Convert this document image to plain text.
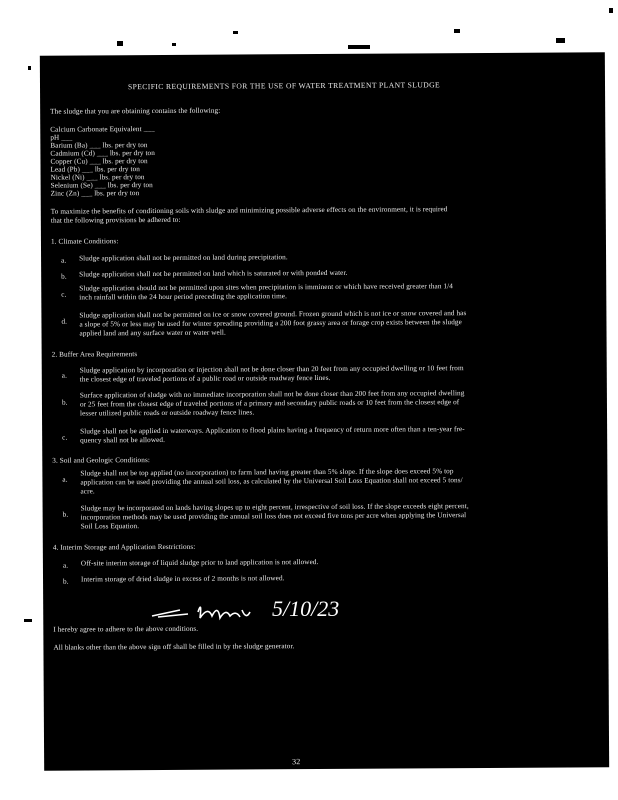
SPECIFIC REQUIREMENTS FOR THE USE OF WATER TREATMENT PLANT SLUDGE
The sludge that you are obtaining contains the following:
Calcium Carbonate Equivalent ___
pH ___
Barium (Ba) ___ lbs. per dry ton
Cadmium (Cd) ___ lbs. per dry ton
Copper (Cu) ___ lbs. per dry ton
Lead (Pb) ___ lbs. per dry ton
Nickel (Ni) ___ lbs. per dry ton
Selenium (Se) ___ lbs. per dry ton
Zinc (Zn) ___ lbs. per dry ton
To maximize the benefits of conditioning soils with sludge and minimizing possible adverse effects on the environment, it is required
that the following provisions be adhered to:
1. Climate Conditions:
a. Sludge application shall not be permitted on land during precipitation.
b. Sludge application shall not be permitted on land which is saturated or with ponded water.
c.
Sludge application should not be permitted upon sites when precipitation is imminent or which have received greater than 1/4
inch rainfall within the 24 hour period preceding the application time.
d.
Sludge application shall not be permitted on ice or snow covered ground. Frozen ground which is not ice or snow covered and has
a slope of 5% or less may be used for winter spreading providing a 200 foot grassy area or forage crop exists between the sludge
applied land and any surface water or water well.
2. Buffer Area Requirements
a.
Sludge application by incorporation or injection shall not be done closer than 20 feet from any occupied dwelling or 10 feet from
the closest edge of traveled portions of a public road or outside roadway fence lines.
b.
Surface application of sludge with no immediate incorporation shall not be done closer than 200 feet from any occupied dwelling
or 25 feet from the closest edge of traveled portions of a primary and secondary public roads or 10 feet from the closest edge of
lesser utilized public roads or outside roadway fence lines.
c.
Sludge shall not be applied in waterways. Application to flood plains having a frequency of return more often than a ten-year fre-
quency shall not be allowed.
3. Soil and Geologic Conditions:
a.
Sludge shall not be top applied (no incorporation) to farm land having greater than 5% slope. If the slope does exceed 5% top
application can be used providing the annual soil loss, as calculated by the Universal Soil Loss Equation shall not exceed 5 tons/
acre.
b.
Sludge may be incorporated on lands having slopes up to eight percent, irrespective of soil loss. If the slope exceeds eight percent,
incorporation methods may be used providing the annual soil loss does not exceed five tons per acre when applying the Universal
Soil Loss Equation.
4. Interim Storage and Application Restrictions:
a. Off-site interim storage of liquid sludge prior to land application is not allowed.
b. Interim storage of dried sludge in excess of 2 months is not allowed.
I hereby agree to adhere to the above conditions.
All blanks other than the above sign off shall be filled in by the sludge generator.
32
5/10/23
